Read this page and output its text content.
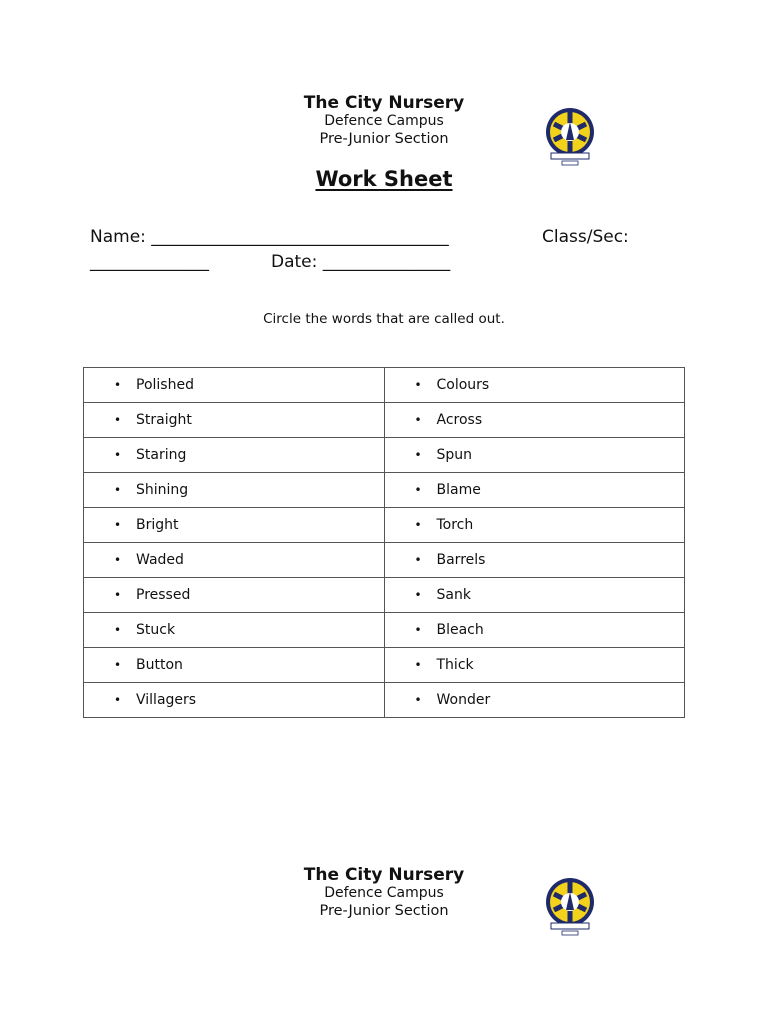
The City Nursery
Defence Campus
Pre-Junior Section
Work Sheet
Name: ___________________________________	Class/Sec:
______________	Date: _______________
Circle the words that are called out.
• Polished	• Colours

• Straight	• Across

• Staring	• Spun

• Shining	• Blame

• Bright	• Torch

• Waded	• Barrels

• Pressed	• Sank

• Stuck	• Bleach

• Button	• Thick

• Villagers	• Wonder
The City Nursery
Defence Campus
Pre-Junior Section
